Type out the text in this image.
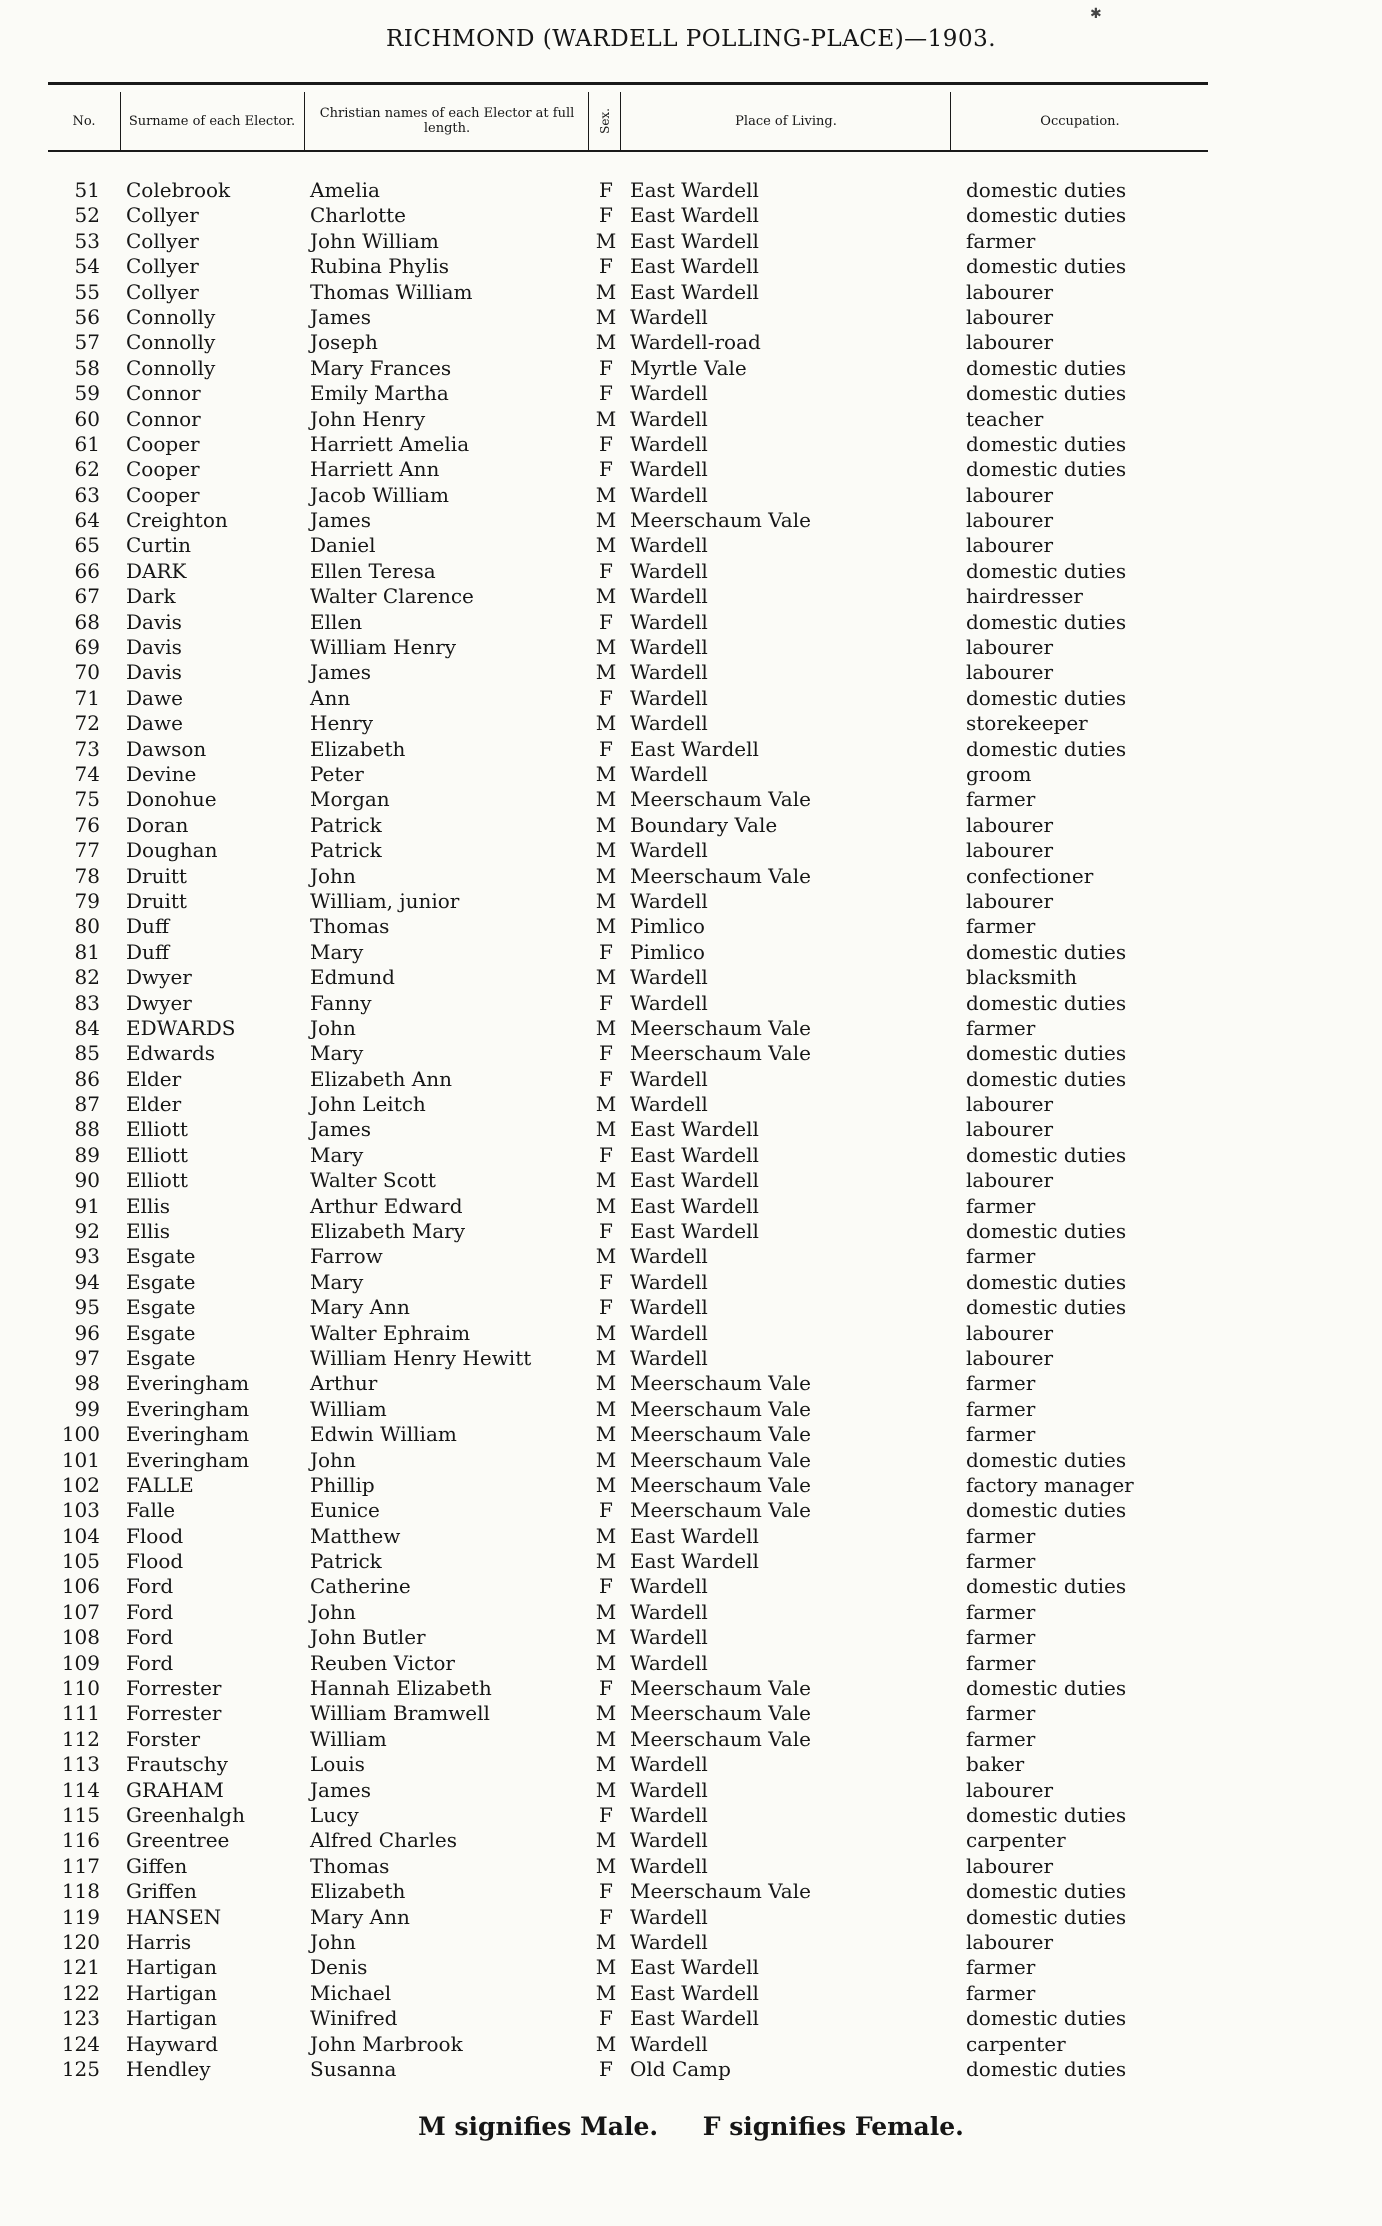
✱
RICHMOND (WARDELL POLLING-PLACE)—1903.
No.	Surname of each Elector.	Christian names of each Elector at full length.	Sex.	Place of Living.	Occupation.
51 Colebrook	Amelia	F East Wardell	domestic duties
52 Collyer	Charlotte	F East Wardell	domestic duties
53 Collyer	John William	M East Wardell	farmer
54 Collyer	Rubina Phylis	F East Wardell	domestic duties
55 Collyer	Thomas William	M East Wardell	labourer
56 Connolly	James	M Wardell	labourer
57 Connolly	Joseph	M Wardell-road	labourer
58 Connolly	Mary Frances	F Myrtle Vale	domestic duties
59 Connor	Emily Martha	F Wardell	domestic duties
60 Connor	John Henry	M Wardell	teacher
61 Cooper	Harriett Amelia	F Wardell	domestic duties
62 Cooper	Harriett Ann	F Wardell	domestic duties
63 Cooper	Jacob William	M Wardell	labourer
64 Creighton	James	M Meerschaum Vale	labourer
65 Curtin	Daniel	M Wardell	labourer
66 DARK	Ellen Teresa	F Wardell	domestic duties
67 Dark	Walter Clarence	M Wardell	hairdresser
68 Davis	Ellen	F Wardell	domestic duties
69 Davis	William Henry	M Wardell	labourer
70 Davis	James	M Wardell	labourer
71 Dawe	Ann	F Wardell	domestic duties
72 Dawe	Henry	M Wardell	storekeeper
73 Dawson	Elizabeth	F East Wardell	domestic duties
74 Devine	Peter	M Wardell	groom
75 Donohue	Morgan	M Meerschaum Vale	farmer
76 Doran	Patrick	M Boundary Vale	labourer
77 Doughan	Patrick	M Wardell	labourer
78 Druitt	John	M Meerschaum Vale	confectioner
79 Druitt	William, junior	M Wardell	labourer
80 Duff	Thomas	M Pimlico	farmer
81 Duff	Mary	F Pimlico	domestic duties
82 Dwyer	Edmund	M Wardell	blacksmith
83 Dwyer	Fanny	F Wardell	domestic duties
84 EDWARDS	John	M Meerschaum Vale	farmer
85 Edwards	Mary	F Meerschaum Vale	domestic duties
86 Elder	Elizabeth Ann	F Wardell	domestic duties
87 Elder	John Leitch	M Wardell	labourer
88 Elliott	James	M East Wardell	labourer
89 Elliott	Mary	F East Wardell	domestic duties
90 Elliott	Walter Scott	M East Wardell	labourer
91 Ellis	Arthur Edward	M East Wardell	farmer
92 Ellis	Elizabeth Mary	F East Wardell	domestic duties
93 Esgate	Farrow	M Wardell	farmer
94 Esgate	Mary	F Wardell	domestic duties
95 Esgate	Mary Ann	F Wardell	domestic duties
96 Esgate	Walter Ephraim	M Wardell	labourer
97 Esgate	William Henry Hewitt	M Wardell	labourer
98 Everingham	Arthur	M Meerschaum Vale	farmer
99 Everingham	William	M Meerschaum Vale	farmer
100 Everingham	Edwin William	M Meerschaum Vale	farmer
101 Everingham	John	M Meerschaum Vale	domestic duties
102 FALLE	Phillip	M Meerschaum Vale	factory manager
103 Falle	Eunice	F Meerschaum Vale	domestic duties
104 Flood	Matthew	M East Wardell	farmer
105 Flood	Patrick	M East Wardell	farmer
106 Ford	Catherine	F Wardell	domestic duties
107 Ford	John	M Wardell	farmer
108 Ford	John Butler	M Wardell	farmer
109 Ford	Reuben Victor	M Wardell	farmer
110 Forrester	Hannah Elizabeth	F Meerschaum Vale	domestic duties
111 Forrester	William Bramwell	M Meerschaum Vale	farmer
112 Forster	William	M Meerschaum Vale	farmer
113 Frautschy	Louis	M Wardell	baker
114 GRAHAM	James	M Wardell	labourer
115 Greenhalgh	Lucy	F Wardell	domestic duties
116 Greentree	Alfred Charles	M Wardell	carpenter
117 Giffen	Thomas	M Wardell	labourer
118 Griffen	Elizabeth	F Meerschaum Vale	domestic duties
119 HANSEN	Mary Ann	F Wardell	domestic duties
120 Harris	John	M Wardell	labourer
121 Hartigan	Denis	M East Wardell	farmer
122 Hartigan	Michael	M East Wardell	farmer
123 Hartigan	Winifred	F East Wardell	domestic duties
124 Hayward	John Marbrook	M Wardell	carpenter
125 Hendley	Susanna	F Old Camp	domestic duties
M signifies Male. F signifies Female.
